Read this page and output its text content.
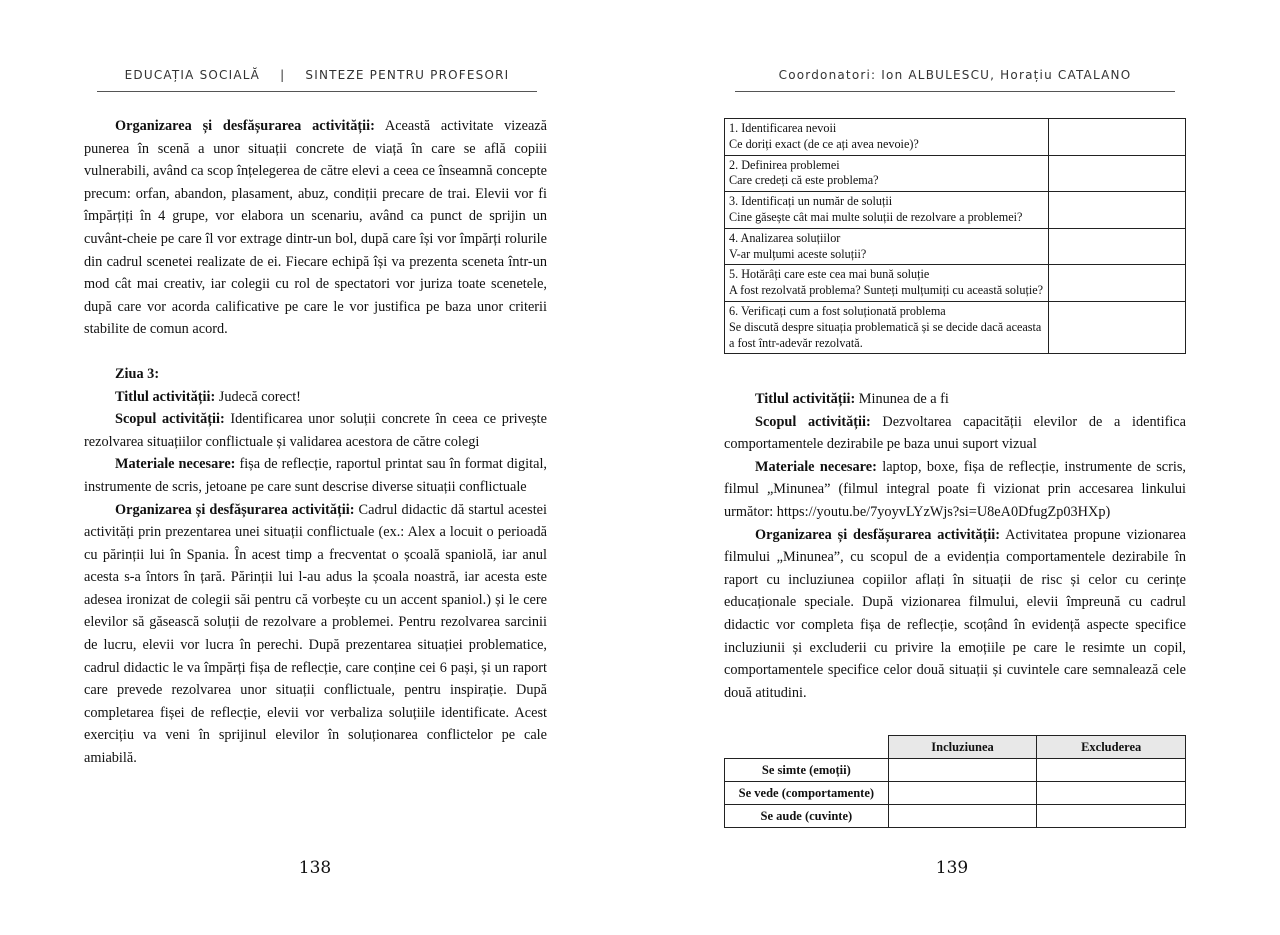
EDUCAȚIA SOCIALĂ    |    SINTEZE PENTRU PROFESORI

Organizarea și desfășurarea activității: Această activitate vizează punerea în scenă a unor situații concrete de viață în care se află copiii vulnerabili, având ca scop înțelegerea de către elevi a ceea ce înseamnă concepte precum: orfan, abandon, plasament, abuz, condiții precare de trai. Elevii vor fi împărțiți în 4 grupe, vor elabora un scenariu, având ca punct de sprijin un cuvânt-cheie pe care îl vor extrage dintr-un bol, după care își vor împărți rolurile din cadrul scenetei realizate de ei. Fiecare echipă își va prezenta sceneta într-un mod cât mai creativ, iar colegii cu rol de spectatori vor juriza toate scenetele, după care vor acorda calificative pe care le vor justifica pe baza unor criterii stabilite de comun acord.

Ziua 3:

Titlul activității: Judecă corect!

Scopul activității: Identificarea unor soluții concrete în ceea ce privește rezolvarea situațiilor conflictuale și validarea acestora de către colegi

Materiale necesare: fișa de reflecție, raportul printat sau în format digital, instrumente de scris, jetoane pe care sunt descrise diverse situații conflictuale

Organizarea și desfășurarea activității: Cadrul didactic dă startul acestei activități prin prezentarea unei situații conflictuale (ex.: Alex a locuit o perioadă cu părinții lui în Spania. În acest timp a frecventat o școală spaniolă, iar anul acesta s-a întors în țară. Părinții lui l-au adus la școala noastră, iar acesta este adesea ironizat de colegii săi pentru că vorbește cu un accent spaniol.) și le cere elevilor să găsească soluții de rezolvare a problemei. Pentru rezolvarea sarcinii de lucru, elevii vor lucra în perechi. După prezentarea situației problematice, cadrul didactic le va împărți fișa de reflecție, care conține cei 6 pași, și un raport care prevede rezolvarea unor situații conflictuale, pentru inspirație. După completarea fișei de reflecție, elevii vor verbaliza soluțiile identificate. Acest exercițiu va veni în sprijinul elevilor în soluționarea conflictelor pe cale amiabilă.

138
Coordonatori: Ion ALBULESCU, Horațiu CATALANO
1. Identificarea nevoii
Ce doriți exact (de ce ați avea nevoie)?	

2. Definirea problemei
Care credeți că este problema?	

3. Identificați un număr de soluții
Cine găsește cât mai multe soluții de rezolvare a problemei?	

4. Analizarea soluțiilor
V-ar mulțumi aceste soluții?	

5. Hotărâți care este cea mai bună soluție
A fost rezolvată problema? Sunteți mulțumiți cu această soluție?	

6. Verificați cum a fost soluționată problema
Se discută despre situația problematică și se decide dacă aceasta a fost într-adevăr rezolvată.	

Titlul activității: Minunea de a fi

Scopul activității: Dezvoltarea capacității elevilor de a identifica comportamentele dezirabile pe baza unui suport vizual

Materiale necesare: laptop, boxe, fișa de reflecție, instrumente de scris, filmul „Minunea” (filmul integral poate fi vizionat prin accesarea linkului următor: https://youtu.be/7yoyvLYzWjs?si=U8eA0DfugZp03HXp)

Organizarea și desfășurarea activității: Activitatea propune vizionarea filmului „Minunea”, cu scopul de a evidenția comportamentele dezirabile în raport cu incluziunea copiilor aflați în situații de risc și celor cu cerințe educaționale speciale. După vizionarea filmului, elevii împreună cu cadrul didactic vor completa fișa de reflecție, scoțând în evidență aspecte specifice incluziunii și excluderii cu privire la emoțiile pe care le resimte un copil, comportamentele specifice celor două situații și cuvintele care semnalează cele două atitudini.

	Incluziunea	Excluderea
Se simte (emoții)		
Se vede (comportamente)		
Se aude (cuvinte)		
139
